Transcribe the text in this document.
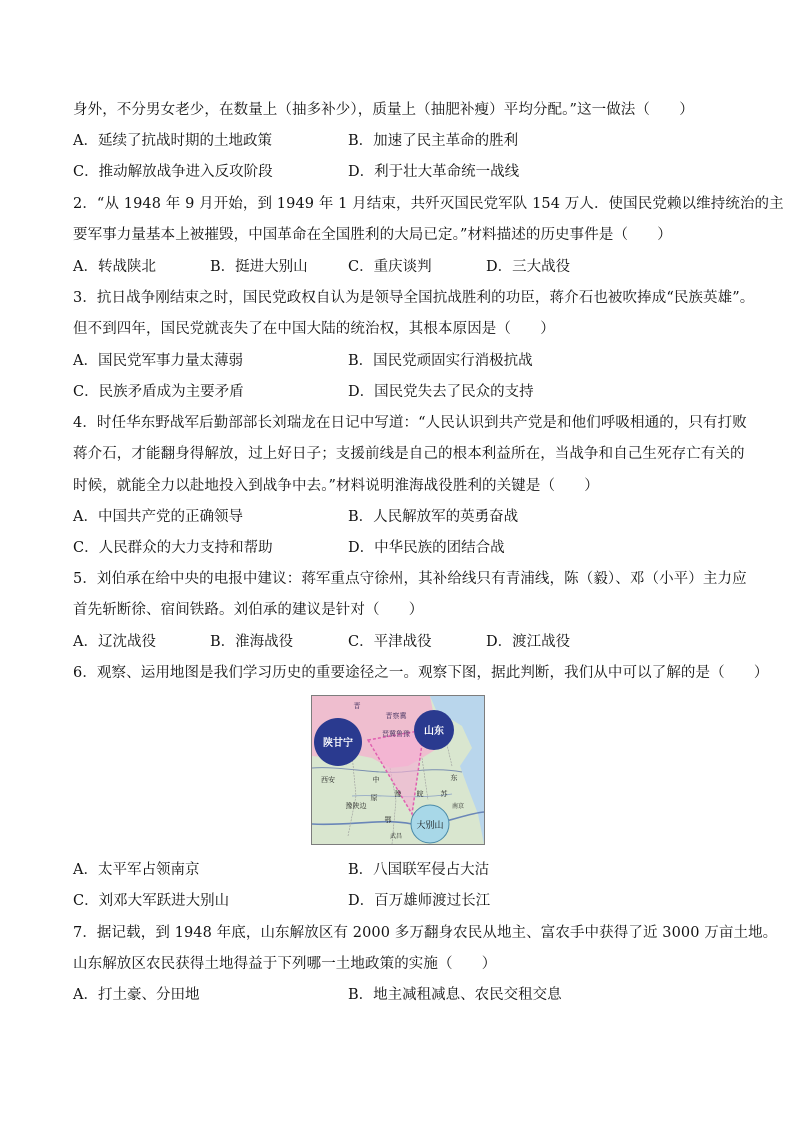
身外，不分男女老少，在数量上（抽多补少），质量上（抽肥补瘦）平均分配。”这一做法（　　）
A．延续了抗战时期的土地政策	B．加速了民主革命的胜利
C．推动解放战争进入反攻阶段	D．利于壮大革命统一战线
2．“从 1948 年 9 月开始，到 1949 年 1 月结束，共歼灭国民党军队 154 万人．使国民党赖以维持统治的主
要军事力量基本上被摧毁，中国革命在全国胜利的大局已定。”材料描述的历史事件是（　　）
A．转战陕北	B．挺进大别山	C．重庆谈判	D．三大战役
3．抗日战争刚结束之时，国民党政权自认为是领导全国抗战胜利的功臣，蒋介石也被吹捧成“民族英雄”。
但不到四年，国民党就丧失了在中国大陆的统治权，其根本原因是（　　）
A．国民党军事力量太薄弱	B．国民党顽固实行消极抗战
C．民族矛盾成为主要矛盾	D．国民党失去了民众的支持
4．时任华东野战军后勤部部长刘瑞龙在日记中写道：“人民认识到共产党是和他们呼吸相通的，只有打败
蒋介石，才能翻身得解放，过上好日子；支援前线是自己的根本利益所在，当战争和自己生死存亡有关的
时候，就能全力以赴地投入到战争中去。”材料说明淮海战役胜利的关键是（　　）
A．中国共产党的正确领导	B．人民解放军的英勇奋战
C．人民群众的大力支持和帮助	D．中华民族的团结合战
5．刘伯承在给中央的电报中建议：蒋军重点守徐州，其补给线只有青浦线，陈（毅）、邓（小平）主力应
首先斩断徐、宿间铁路。刘伯承的建议是针对（　　）
A．辽沈战役	B．淮海战役	C．平津战役	D．渡江战役
6．观察、运用地图是我们学习历史的重要途径之一。观察下图，据此判断，我们从中可以了解的是（　　）
陕甘宁
山东
大别山
晋察冀
晋冀鲁豫
晋
西安	中
原
东
豫 皖 苏
豫陕边
鄂
武昌
南京
A．太平军占领南京	B．八国联军侵占大沽
C．刘邓大军跃进大别山	D．百万雄师渡过长江
7．据记载，到 1948 年底，山东解放区有 2000 多万翻身农民从地主、富农手中获得了近 3000 万亩土地。
山东解放区农民获得土地得益于下列哪一土地政策的实施（　　）
A．打土豪、分田地	B．地主减租减息、农民交租交息
